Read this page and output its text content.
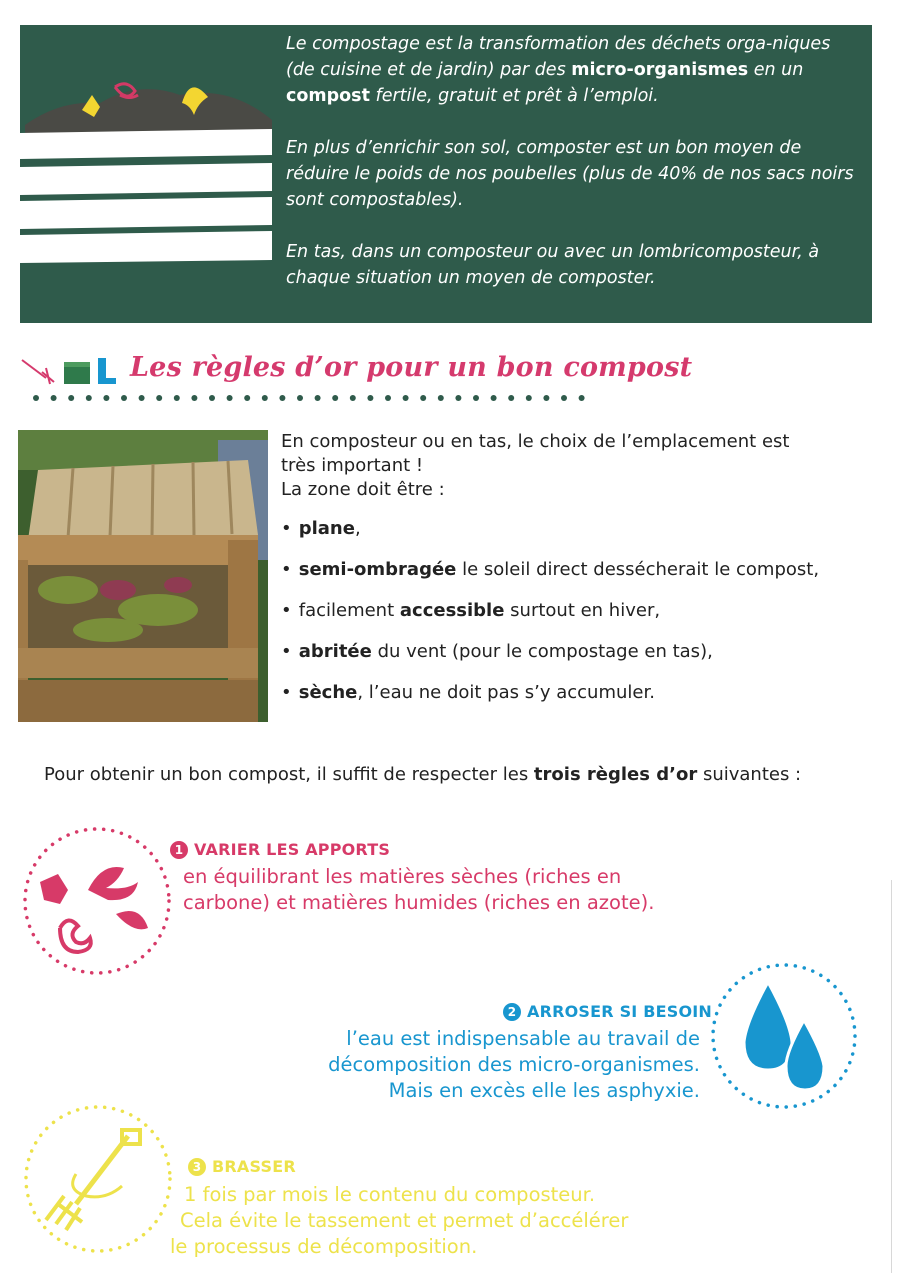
Le compostage est la transformation des déchets orga-niques (de cuisine et de jardin) par des micro-organismes en un compost fertile, gratuit et prêt à l’emploi.

En plus d’enrichir son sol, composter est un bon moyen de réduire le poids de nos poubelles (plus de 40% de nos sacs noirs sont compostables).

En tas, dans un composteur ou avec un lombricomposteur, à chaque situation un moyen de composter.

Les règles d’or pour un bon compost

En composteur ou en tas, le choix de l’emplacement est

très important !

La zone doit être :

• plane,
• semi-ombragée le soleil direct dessécherait le compost,
• facilement accessible surtout en hiver,
• abritée du vent (pour le compostage en tas),
• sèche, l’eau ne doit pas s’y accumuler.
Pour obtenir un bon compost, il suffit de respecter les trois règles d’or suivantes :
1 VARIER LES APPORTS
en équilibrant les matières sèches (riches en
carbone) et matières humides (riches en azote).
2 ARROSER SI BESOIN
l’eau est indispensable au travail de
décomposition des micro-organismes.
Mais en excès elle les asphyxie.
3 BRASSER
1 fois par mois le contenu du composteur.
Cela évite le tassement et permet d’accélérer
le processus de décomposition.
